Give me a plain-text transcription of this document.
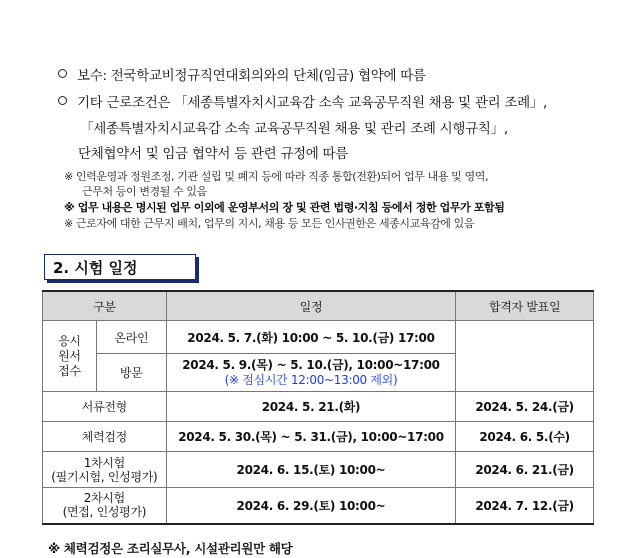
보수: 전국학교비정규직연대회의와의 단체(임금) 협약에 따름
기타 근로조건은 「세종특별자치시교육감 소속 교육공무직원 채용 및 관리 조례」,
「세종특별자치시교육감 소속 교육공무직원 채용 및 관리 조례 시행규칙」,
단체협약서 및 임금 협약서 등 관련 규정에 따름
※ 인력운영과 정원조정, 기관 설립 및 폐지 등에 따라 직종 통합(전환)되어 업무 내용 및 영역,
근무처 등이 변경될 수 있음
※ 업무 내용은 명시된 업무 이외에 운영부서의 장 및 관련 법령·지침 등에서 정한 업무가 포함됨
※ 근로자에 대한 근무지 배치, 업무의 지시, 채용 등 모든 인사권한은 세종시교육감에 있음
2. 시험 일정
구분		일정	합격자 발표일

응시
원서
접수	온라인	2024. 5. 7.(화) 10:00 ~ 5. 10.(금) 17:00	
	방문	2024. 5. 9.(목) ~ 5. 10.(금), 10:00~17:00
(※ 점심시간 12:00~13:00 제외)	

서류전형		2024. 5. 21.(화)	2024. 5. 24.(금)
체력검정		2024. 5. 30.(목) ~ 5. 31.(금), 10:00~17:00	2024. 6. 5.(수)

1차시험
(필기시험, 인성평가)		2024. 6. 15.(토) 10:00~	2024. 6. 21.(금)

2차시험
(면접, 인성평가)		2024. 6. 29.(토) 10:00~	2024. 7. 12.(금)
※ 체력검정은 조리실무사, 시설관리원만 해당
